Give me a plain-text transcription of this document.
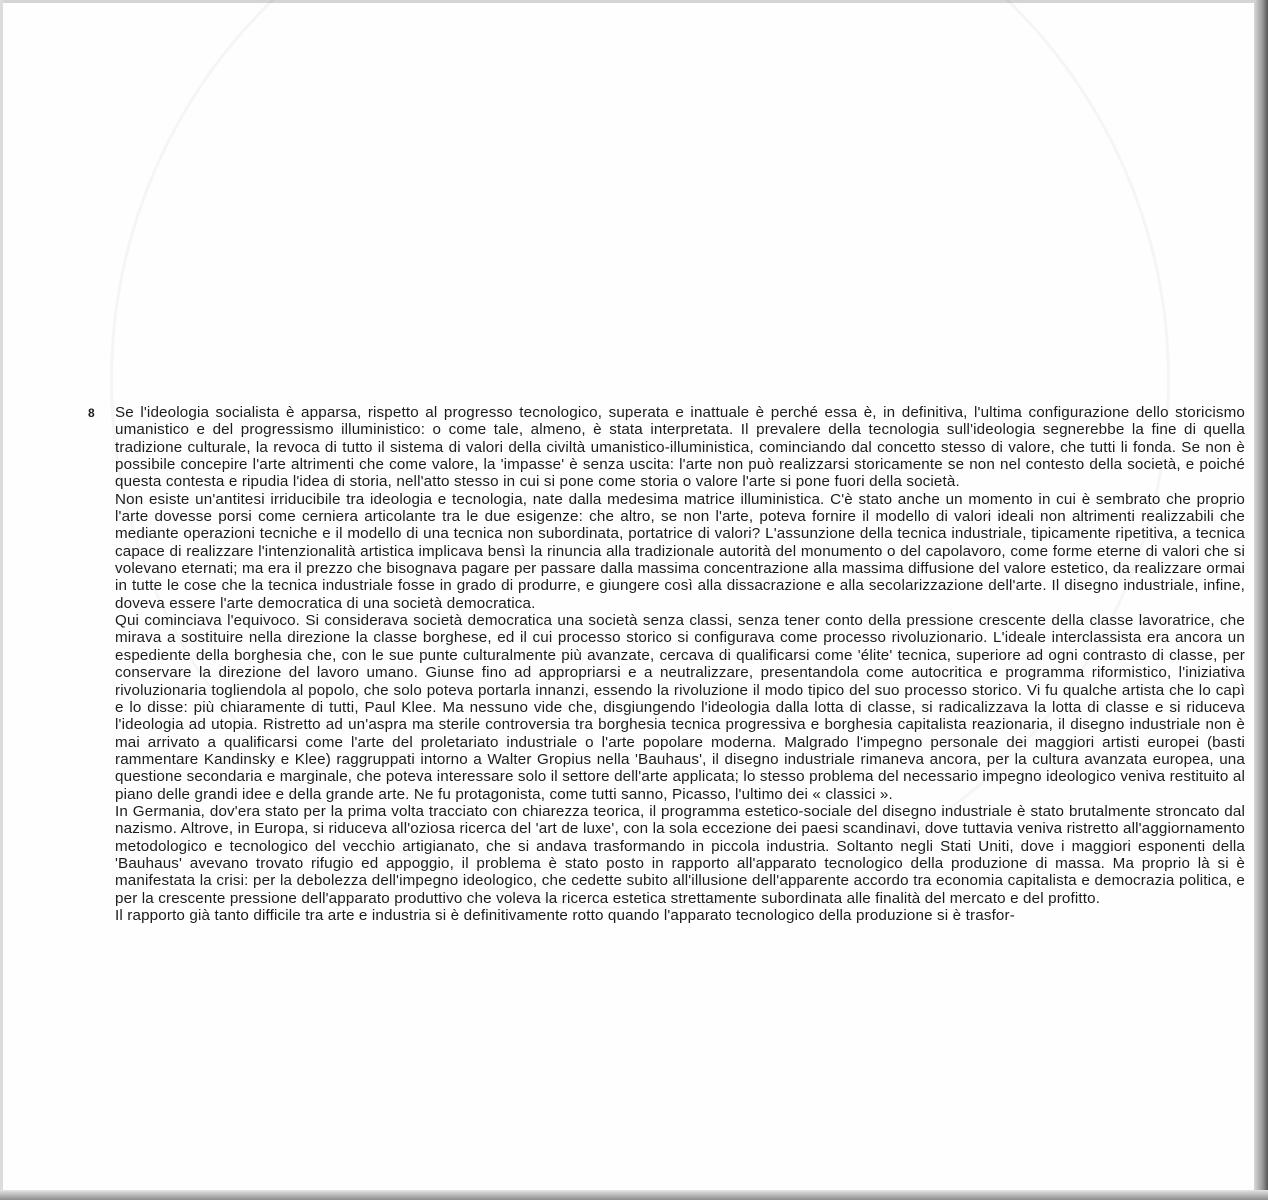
8 Se l'ideologia socialista è apparsa, rispetto al progresso tecnologico, superata e inattuale è perché essa è, in definitiva, l'ultima configurazione dello storicismo umanistico e del progressismo illuministico: o come tale, almeno, è stata interpretata. Il prevalere della tecnologia sull'ideologia segnerebbe la fine di quella tradizione culturale, la revoca di tutto il sistema di valori della civiltà umanistico-illuministica, cominciando dal concetto stesso di valore, che tutti li fonda. Se non è possibile concepire l'arte altrimenti che come valore, la 'impasse' è senza uscita: l'arte non può realizzarsi storicamente se non nel contesto della società, e poiché questa contesta e ripudia l'idea di storia, nell'atto stesso in cui si pone come storia o valore l'arte si pone fuori della società.

Non esiste un'antitesi irriducibile tra ideologia e tecnologia, nate dalla medesima matrice illuministica. C'è stato anche un momento in cui è sembrato che proprio l'arte dovesse porsi come cerniera articolante tra le due esigenze: che altro, se non l'arte, poteva fornire il modello di valori ideali non altrimenti realizzabili che mediante operazioni tecniche e il modello di una tecnica non subordinata, portatrice di valori? L'assunzione della tecnica industriale, tipicamente ripetitiva, a tecnica capace di realizzare l'intenzionalità artistica implicava bensì la rinuncia alla tradizionale autorità del monumento o del capolavoro, come forme eterne di valori che si volevano eternati; ma era il prezzo che bisognava pagare per passare dalla massima concentrazione alla massima diffusione del valore estetico, da realizzare ormai in tutte le cose che la tecnica industriale fosse in grado di produrre, e giungere così alla dissacrazione e alla secolarizzazione dell'arte. Il disegno industriale, infine, doveva essere l'arte democratica di una società democratica.

Qui cominciava l'equivoco. Si considerava società democratica una società senza classi, senza tener conto della pressione crescente della classe lavoratrice, che mirava a sostituire nella direzione la classe borghese, ed il cui processo storico si configurava come processo rivoluzionario. L'ideale interclassista era ancora un espediente della borghesia che, con le sue punte culturalmente più avanzate, cercava di qualificarsi come 'élite' tecnica, superiore ad ogni contrasto di classe, per conservare la direzione del lavoro umano. Giunse fino ad appropriarsi e a neutralizzare, presentandola come autocritica e programma riformistico, l'iniziativa rivoluzionaria togliendola al popolo, che solo poteva portarla innanzi, essendo la rivoluzione il modo tipico del suo processo storico. Vi fu qualche artista che lo capì e lo disse: più chiaramente di tutti, Paul Klee. Ma nessuno vide che, disgiungendo l'ideologia dalla lotta di classe, si radicalizzava la lotta di classe e si riduceva l'ideologia ad utopia. Ristretto ad un'aspra ma sterile controversia tra borghesia tecnica progressiva e borghesia capitalista reazionaria, il disegno industriale non è mai arrivato a qualificarsi come l'arte del proletariato industriale o l'arte popolare moderna. Malgrado l'impegno personale dei maggiori artisti europei (basti rammentare Kandinsky e Klee) raggruppati intorno a Walter Gropius nella 'Bauhaus', il disegno industriale rimaneva ancora, per la cultura avanzata europea, una questione secondaria e marginale, che poteva interessare solo il settore dell'arte applicata; lo stesso problema del necessario impegno ideologico veniva restituito al piano delle grandi idee e della grande arte. Ne fu protagonista, come tutti sanno, Picasso, l'ultimo dei « classici ».

In Germania, dov'era stato per la prima volta tracciato con chiarezza teorica, il programma estetico-sociale del disegno industriale è stato brutalmente stroncato dal nazismo. Altrove, in Europa, si riduceva all'oziosa ricerca del 'art de luxe', con la sola eccezione dei paesi scandinavi, dove tuttavia veniva ristretto all'aggiornamento metodologico e tecnologico del vecchio artigianato, che si andava trasformando in piccola industria. Soltanto negli Stati Uniti, dove i maggiori esponenti della 'Bauhaus' avevano trovato rifugio ed appoggio, il problema è stato posto in rapporto all'apparato tecnologico della produzione di massa. Ma proprio là si è manifestata la crisi: per la debolezza dell'impegno ideologico, che cedette subito all'illusione dell'apparente accordo tra economia capitalista e democrazia politica, e per la crescente pressione dell'apparato produttivo che voleva la ricerca estetica strettamente subordinata alle finalità del mercato e del profitto.

Il rapporto già tanto difficile tra arte e industria si è definitivamente rotto quando l'apparato tecnologico della produzione si è trasfor-
